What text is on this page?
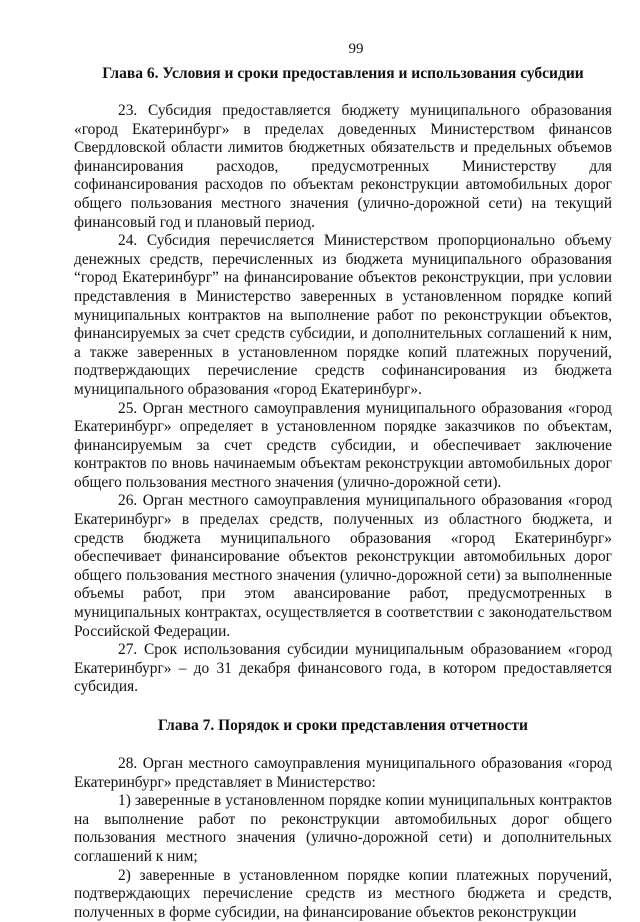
99
Глава 6. Условия и сроки предоставления и использования субсидии

23. Субсидия предоставляется бюджету муниципального образования «город Екатеринбург» в пределах доведенных Министерством финансов Свердловской области лимитов бюджетных обязательств и предельных объемов финансирования расходов, предусмотренных Министерству для софинансирования расходов по объектам реконструкции автомобильных дорог общего пользования местного значения (улично-дорожной сети) на текущий финансовый год и плановый период.

24. Субсидия перечисляется Министерством пропорционально объему денежных средств, перечисленных из бюджета муниципального образования “город Екатеринбург” на финансирование объектов реконструкции, при условии представления в Министерство заверенных в установленном порядке копий муниципальных контрактов на выполнение работ по реконструкции объектов, финансируемых за счет средств субсидии, и дополнительных соглашений к ним, а также заверенных в установленном порядке копий платежных поручений, подтверждающих перечисление средств софинансирования из бюджета муниципального образования «город Екатеринбург».

25. Орган местного самоуправления муниципального образования «город Екатеринбург» определяет в установленном порядке заказчиков по объектам, финансируемым за счет средств субсидии, и обеспечивает заключение контрактов по вновь начинаемым объектам реконструкции автомобильных дорог общего пользования местного значения (улично-дорожной сети).

26. Орган местного самоуправления муниципального образования «город Екатеринбург» в пределах средств, полученных из областного бюджета, и средств бюджета муниципального образования «город Екатеринбург» обеспечивает финансирование объектов реконструкции автомобильных дорог общего пользования местного значения (улично-дорожной сети) за выполненные объемы работ, при этом авансирование работ, предусмотренных в муниципальных контрактах, осуществляется в соответствии с законодательством Российской Федерации.

27. Срок использования субсидии муниципальным образованием «город Екатеринбург» – до 31 декабря финансового года, в котором предоставляется субсидия.

Глава 7. Порядок и сроки представления отчетности

28. Орган местного самоуправления муниципального образования «город Екатеринбург» представляет в Министерство:

1) заверенные в установленном порядке копии муниципальных контрактов на выполнение работ по реконструкции автомобильных дорог общего пользования местного значения (улично-дорожной сети) и дополнительных соглашений к ним;

2) заверенные в установленном порядке копии платежных поручений, подтверждающих перечисление средств из местного бюджета и средств, полученных в форме субсидии, на финансирование объектов реконструкции
